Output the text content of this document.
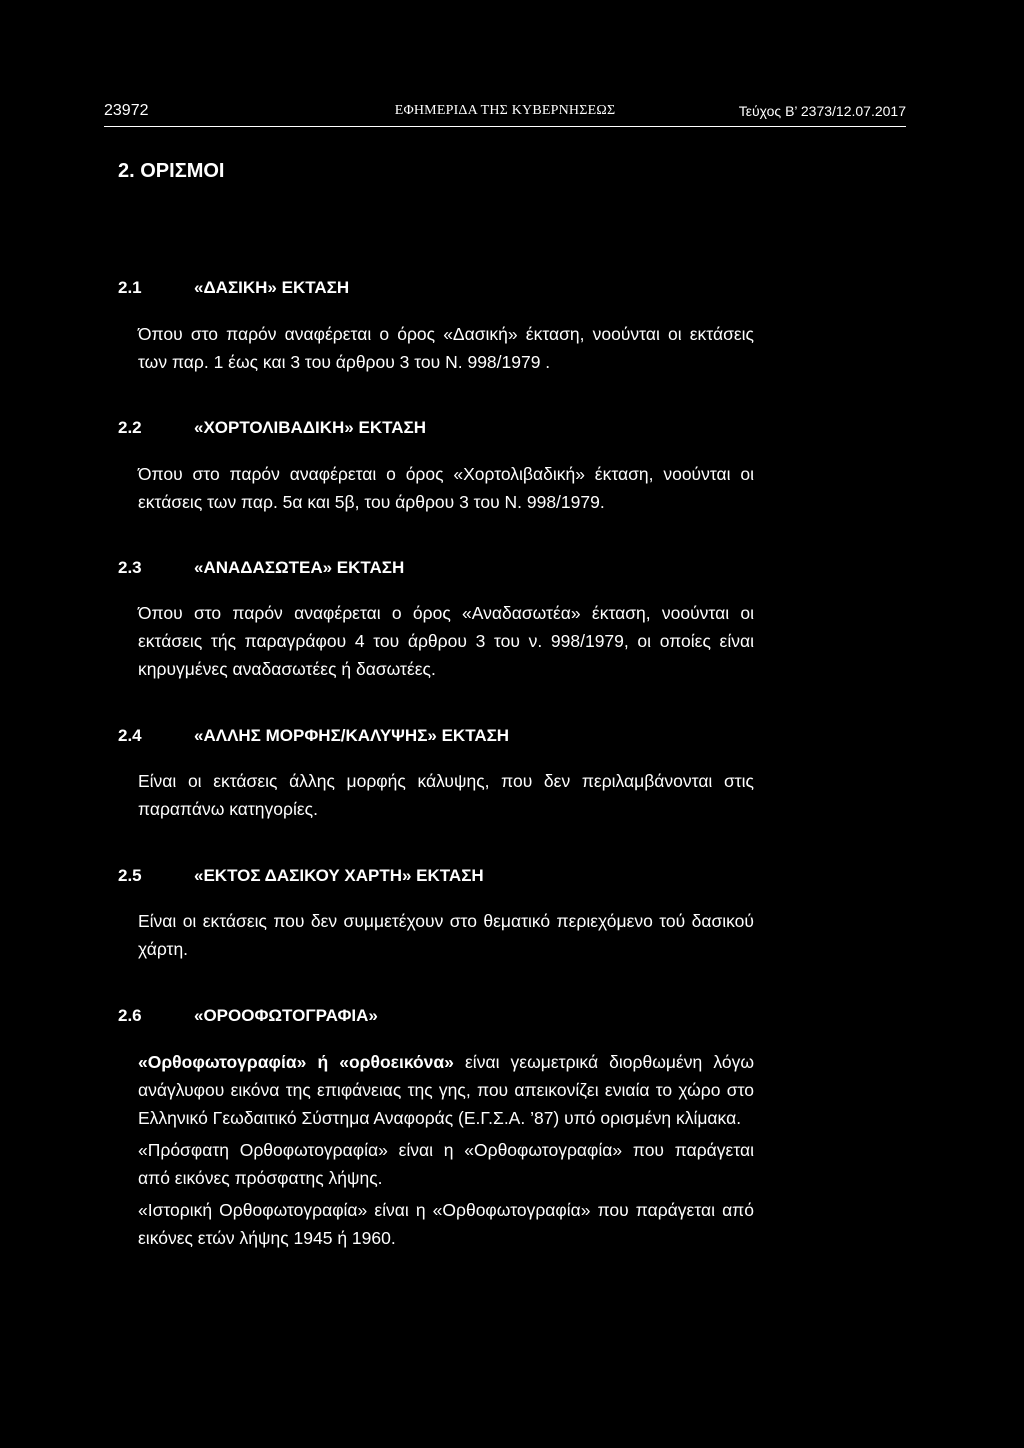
23972	ΕΦΗΜΕΡΙΔΑ ΤΗΣ ΚΥΒΕΡΝΗΣΕΩΣ	Τεύχος Β’ 2373/12.07.2017
2. ΟΡΙΣΜΟΙ
2.1	«ΔΑΣΙΚΗ» ΕΚΤΑΣΗ
Όπου στο παρόν αναφέρεται ο όρος «Δασική» έκταση, νοούνται οι εκτάσεις των παρ. 1 έως και 3 του άρθρου 3 του Ν. 998/1979 .
2.2	«ΧΟΡΤΟΛΙΒΑΔΙΚΗ» ΕΚΤΑΣΗ
Όπου στο παρόν αναφέρεται ο όρος «Χορτολιβαδική» έκταση, νοούνται οι εκτάσεις των παρ. 5α και 5β, του άρθρου 3 του Ν. 998/1979.
2.3	«ΑΝΑΔΑΣΩΤΕΑ» ΕΚΤΑΣΗ
Όπου στο παρόν αναφέρεται ο όρος «Αναδασωτέα» έκταση, νοούνται οι εκτάσεις τής παραγράφου 4 του άρθρου 3 του ν. 998/1979, οι οποίες είναι κηρυγμένες αναδασωτέες ή δασωτέες.
2.4	«ΑΛΛΗΣ ΜΟΡΦΗΣ/ΚΑΛΥΨΗΣ» ΕΚΤΑΣΗ
Είναι οι εκτάσεις άλλης μορφής κάλυψης, που δεν περιλαμβάνονται στις παραπάνω κατηγορίες.
2.5	«ΕΚΤΟΣ ΔΑΣΙΚΟΥ ΧΑΡΤΗ» ΕΚΤΑΣΗ
Είναι οι εκτάσεις που δεν συμμετέχουν στο θεματικό περιεχόμενο τού δασικού χάρτη.
2.6	«ΟΡΟΟΦΩΤΟΓΡΑΦΙΑ»

«Ορθοφωτογραφία» ή «ορθοεικόνα» είναι γεωμετρικά διορθωμένη λόγω ανάγλυφου εικόνα της επιφάνειας της γης, που απεικονίζει ενιαία το χώρο στο Ελληνικό Γεωδαιτικό Σύστημα Αναφοράς (Ε.Γ.Σ.Α. ’87) υπό ορισμένη κλίμακα.

«Πρόσφατη Ορθοφωτογραφία» είναι η «Ορθοφωτογραφία» που παράγεται από εικόνες πρόσφατης λήψης.

«Ιστορική Ορθοφωτογραφία» είναι η «Ορθοφωτογραφία» που παράγεται από εικόνες ετών λήψης 1945 ή 1960.
